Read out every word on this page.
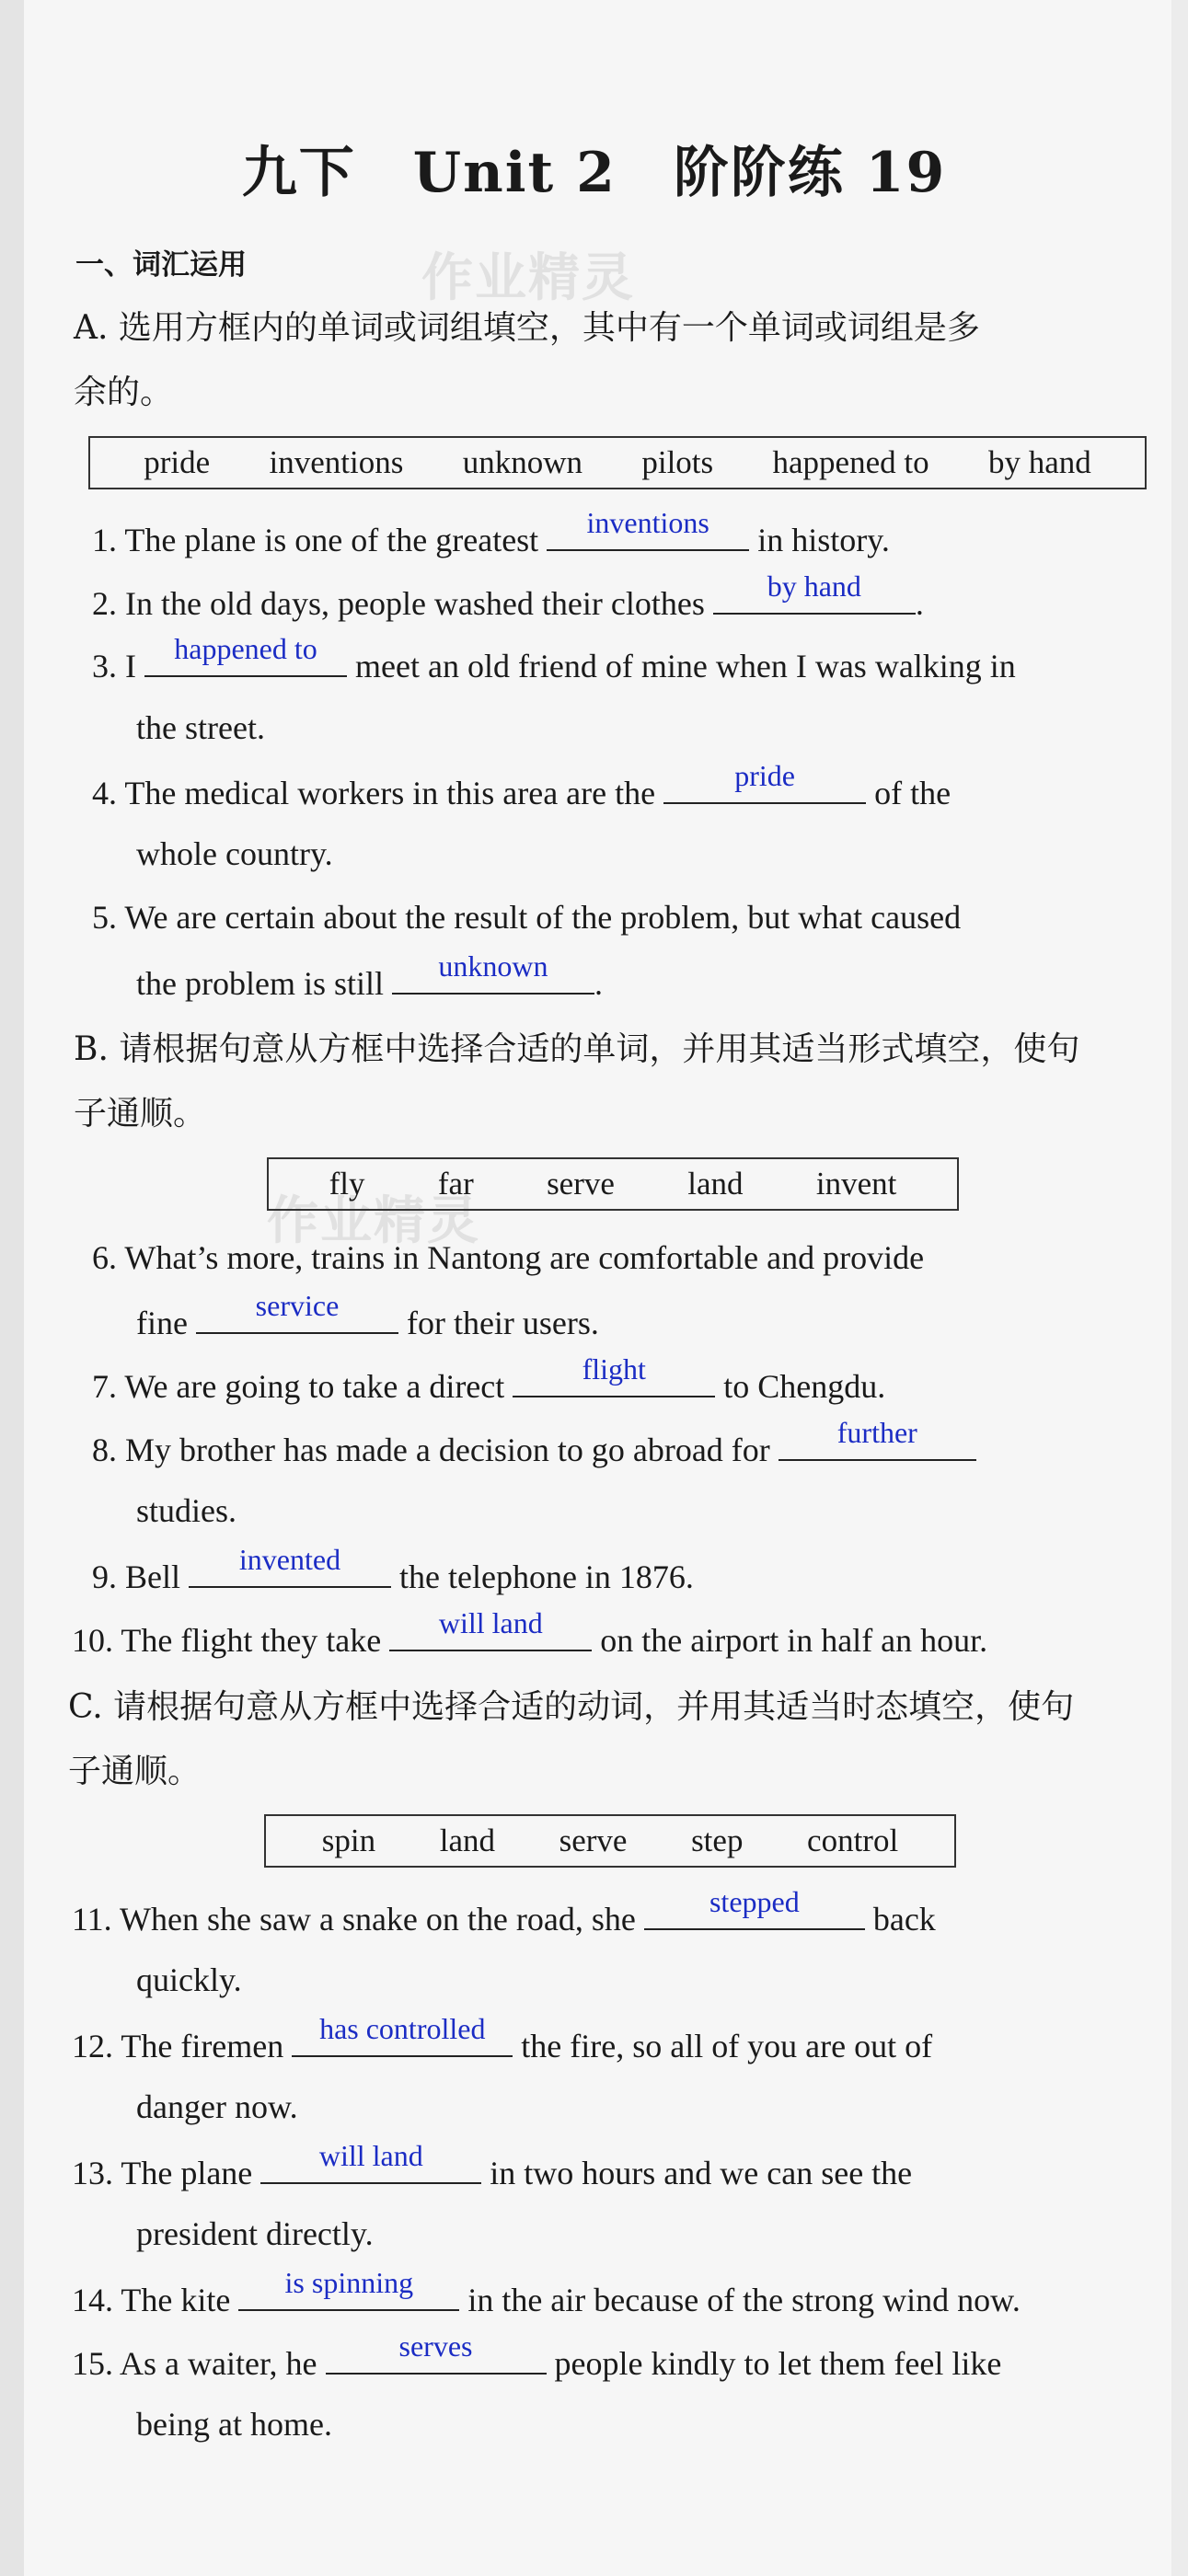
作业精灵
作业精灵
九下　Unit 2　阶阶练 19
一、词汇运用
A. 选用方框内的单词或词组填空，其中有一个单词或词组是多
余的。
pride inventions unknown pilots happened to by hand
1. The plane is one of the greatest	inventions	in history.
2. In the old days, people washed their clothes	by hand	.
3. I	happened to	meet an old friend of mine when I was walking in
the street.
4. The medical workers in this area are the	pride	of the
whole country.
5. We are certain about the result of the problem, but what caused
the problem is still	unknown	.
B. 请根据句意从方框中选择合适的单词，并用其适当形式填空，使句
子通顺。
fly far serve land invent
6. What’s more, trains in Nantong are comfortable and provide
fine	service	for their users.
7. We are going to take a direct	flight	to Chengdu.
8. My brother has made a decision to go abroad for	further
studies.
9. Bell	invented	the telephone in 1876.
10. The flight they take	will land	on the airport in half an hour.
C. 请根据句意从方框中选择合适的动词，并用其适当时态填空，使句
子通顺。
spin land serve step control
11. When she saw a snake on the road, she	stepped	back
quickly.
12. The firemen	has controlled	the fire, so all of you are out of
danger now.
13. The plane	will land	in two hours and we can see the
president directly.
14. The kite	is spinning	in the air because of the strong wind now.
15. As a waiter, he	serves	people kindly to let them feel like
being at home.
